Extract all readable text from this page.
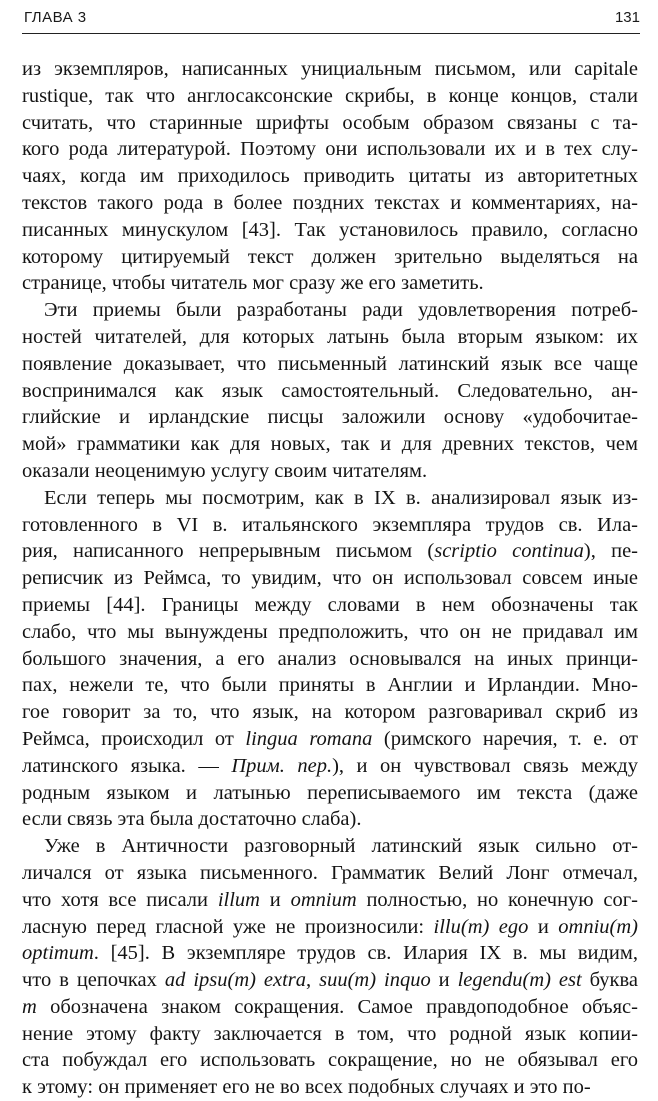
ГЛАВА 3	131
из экземпляров, написанных унициальным письмом, или capitale
rustique, так что англосаксонские скрибы, в конце концов, стали
считать, что старинные шрифты особым образом связаны с та-
кого рода литературой. Поэтому они использовали их и в тех слу-
чаях, когда им приходилось приводить цитаты из авторитетных
текстов такого рода в более поздних текстах и комментариях, на-
писанных минускулом [43]. Так установилось правило, согласно
которому цитируемый текст должен зрительно выделяться на
странице, чтобы читатель мог сразу же его заметить.
Эти приемы были разработаны ради удовлетворения потреб-
ностей читателей, для которых латынь была вторым языком: их
появление доказывает, что письменный латинский язык все чаще
воспринимался как язык самостоятельный. Следовательно, ан-
глийские и ирландские писцы заложили основу «удобочитае-
мой» грамматики как для новых, так и для древних текстов, чем
оказали неоценимую услугу своим читателям.
Если теперь мы посмотрим, как в IX в. анализировал язык из-
готовленного в VI в. итальянского экземпляра трудов св. Ила-
рия, написанного непрерывным письмом (scriptio continua), пе-
реписчик из Реймса, то увидим, что он использовал совсем иные
приемы [44]. Границы между словами в нем обозначены так
слабо, что мы вынуждены предположить, что он не придавал им
большого значения, а его анализ основывался на иных принци-
пах, нежели те, что были приняты в Англии и Ирландии. Мно-
гое говорит за то, что язык, на котором разговаривал скриб из
Реймса, происходил от lingua romana (римского наречия, т. е. от
латинского языка. — Прим. пер.), и он чувствовал связь между
родным языком и латынью переписываемого им текста (даже
если связь эта была достаточно слаба).
Уже в Античности разговорный латинский язык сильно от-
личался от языка письменного. Грамматик Велий Лонг отмечал,
что хотя все писали illum и omnium полностью, но конечную сог-
ласную перед гласной уже не произносили: illu(m) ego и omniu(m)
optimum. [45]. В экземпляре трудов св. Илария IX в. мы видим,
что в цепочках ad ipsu(m) extra, suu(m) inquo и legendu(m) est буква
m обозначена знаком сокращения. Самое правдоподобное объяс-
нение этому факту заключается в том, что родной язык копии-
ста побуждал его использовать сокращение, но не обязывал его
к этому: он применяет его не во всех подобных случаях и это по-
